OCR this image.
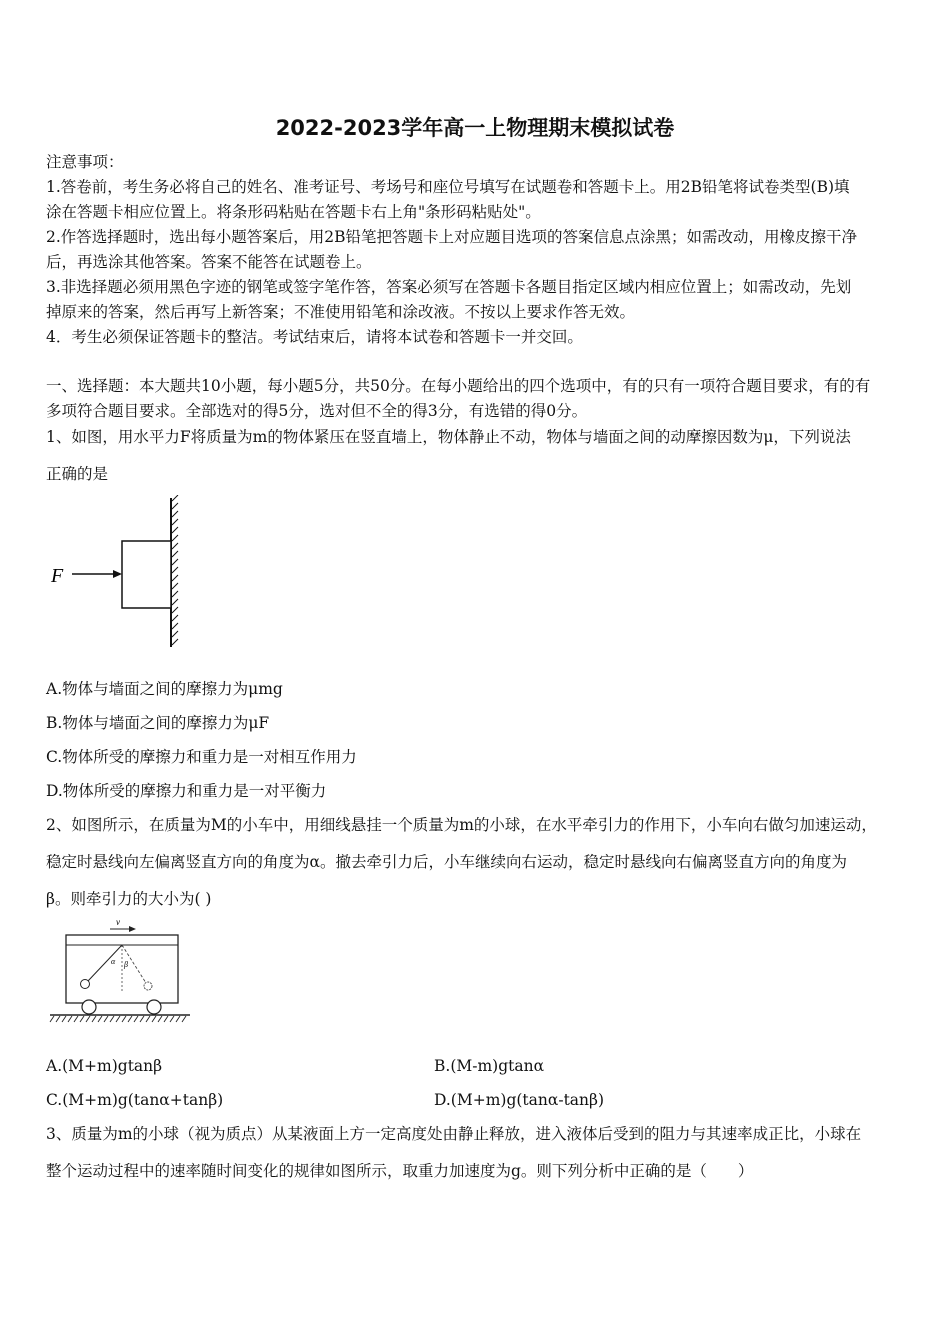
2022-2023学年高一上物理期末模拟试卷
注意事项：
1.答卷前，考生务必将自己的姓名、准考证号、考场号和座位号填写在试题卷和答题卡上。用2B铅笔将试卷类型(B)填
涂在答题卡相应位置上。将条形码粘贴在答题卡右上角"条形码粘贴处"。
2.作答选择题时，选出每小题答案后，用2B铅笔把答题卡上对应题目选项的答案信息点涂黑；如需改动，用橡皮擦干净
后，再选涂其他答案。答案不能答在试题卷上。
3.非选择题必须用黑色字迹的钢笔或签字笔作答，答案必须写在答题卡各题目指定区域内相应位置上；如需改动，先划
掉原来的答案，然后再写上新答案；不准使用铅笔和涂改液。不按以上要求作答无效。
4．考生必须保证答题卡的整洁。考试结束后，请将本试卷和答题卡一并交回。
一、选择题：本大题共10小题，每小题5分，共50分。在每小题给出的四个选项中，有的只有一项符合题目要求，有的有
多项符合题目要求。全部选对的得5分，选对但不全的得3分，有选错的得0分。
1、如图，用水平力F将质量为m的物体紧压在竖直墙上，物体静止不动，物体与墙面之间的动摩擦因数为μ，下列说法
正确的是
F
A.物体与墙面之间的摩擦力为μmg
B.物体与墙面之间的摩擦力为μF
C.物体所受的摩擦力和重力是一对相互作用力
D.物体所受的摩擦力和重力是一对平衡力
2、如图所示，在质量为M的小车中，用细线悬挂一个质量为m的小球，在水平牵引力的作用下，小车向右做匀加速运动，
稳定时悬线向左偏离竖直方向的角度为α。撤去牵引力后，小车继续向右运动，稳定时悬线向右偏离竖直方向的角度为
β。则牵引力的大小为( )
v
α β
A.(M+m)gtanβ	B.(M-m)gtanα
C.(M+m)g(tanα+tanβ)	D.(M+m)g(tanα-tanβ)
3、质量为m的小球（视为质点）从某液面上方一定高度处由静止释放，进入液体后受到的阻力与其速率成正比，小球在
整个运动过程中的速率随时间变化的规律如图所示，取重力加速度为g。则下列分析中正确的是（　　）
